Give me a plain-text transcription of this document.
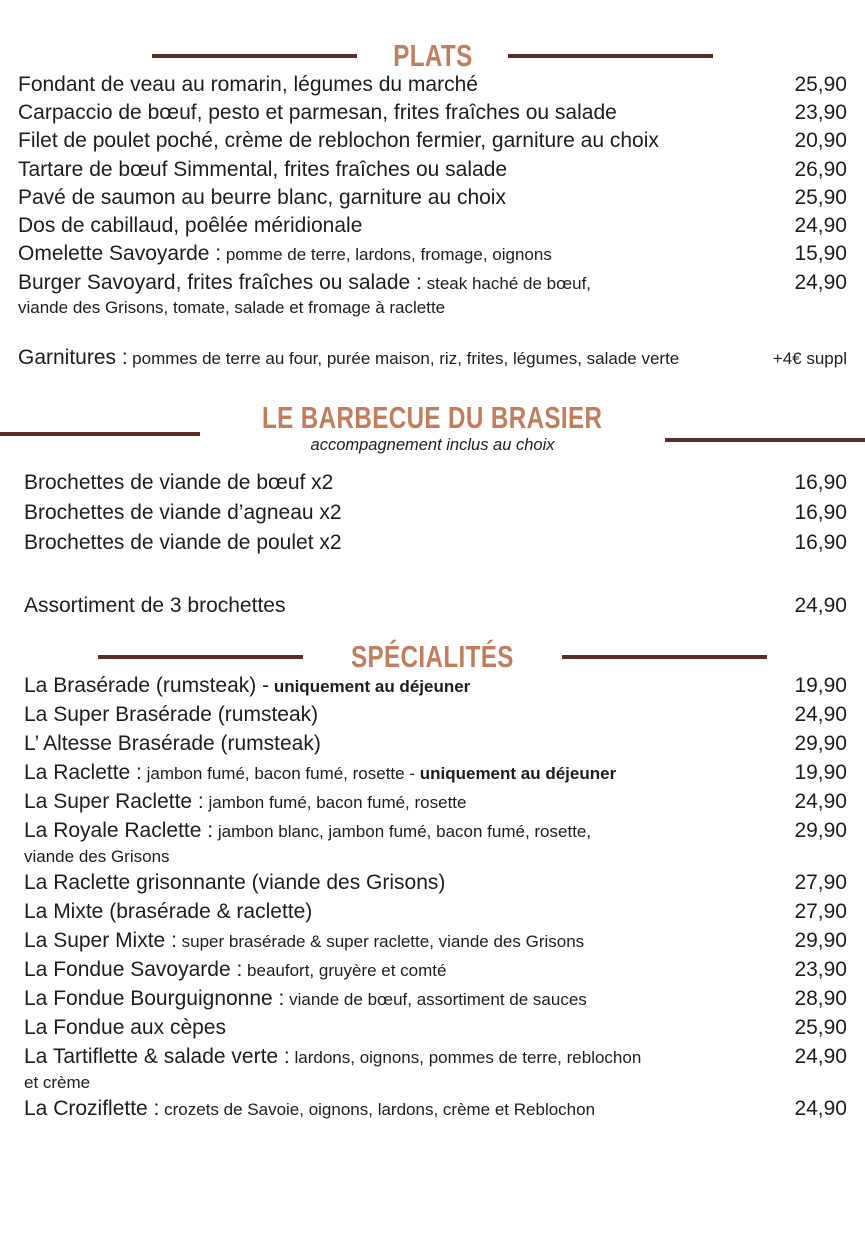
PLATS
Fondant de veau au romarin, légumes du marché	25,90
Carpaccio de bœuf, pesto et parmesan, frites fraîches ou salade	23,90
Filet de poulet poché, crème de reblochon fermier, garniture au choix	20,90
Tartare de bœuf Simmental, frites fraîches ou salade	26,90
Pavé de saumon au beurre blanc, garniture au choix	25,90
Dos de cabillaud, poêlée méridionale	24,90
Omelette Savoyarde : pomme de terre, lardons, fromage, oignons	15,90
Burger Savoyard, frites fraîches ou salade : steak haché de bœuf,	24,90
viande des Grisons, tomate, salade et fromage à raclette
Garnitures : pommes de terre au four, purée maison, riz, frites, légumes, salade verte	+4€ suppl
LE BARBECUE DU BRASIER
accompagnement inclus au choix
Brochettes de viande de bœuf x2	16,90
Brochettes de viande d’agneau x2	16,90
Brochettes de viande de poulet x2	16,90
Assortiment de 3 brochettes	24,90
SPÉCIALITÉS
La Brasérade (rumsteak) - uniquement au déjeuner	19,90
La Super Brasérade (rumsteak)	24,90
L’ Altesse Brasérade (rumsteak)	29,90
La Raclette : jambon fumé, bacon fumé, rosette - uniquement au déjeuner	19,90
La Super Raclette : jambon fumé, bacon fumé, rosette	24,90
La Royale Raclette : jambon blanc, jambon fumé, bacon fumé, rosette,	29,90
viande des Grisons
La Raclette grisonnante (viande des Grisons)	27,90
La Mixte (brasérade & raclette)	27,90
La Super Mixte : super brasérade & super raclette, viande des Grisons	29,90
La Fondue Savoyarde : beaufort, gruyère et comté	23,90
La Fondue Bourguignonne : viande de bœuf, assortiment de sauces	28,90
La Fondue aux cèpes	25,90
La Tartiflette & salade verte : lardons, oignons, pommes de terre, reblochon	24,90
et crème
La Croziflette : crozets de Savoie, oignons, lardons, crème et Reblochon	24,90
